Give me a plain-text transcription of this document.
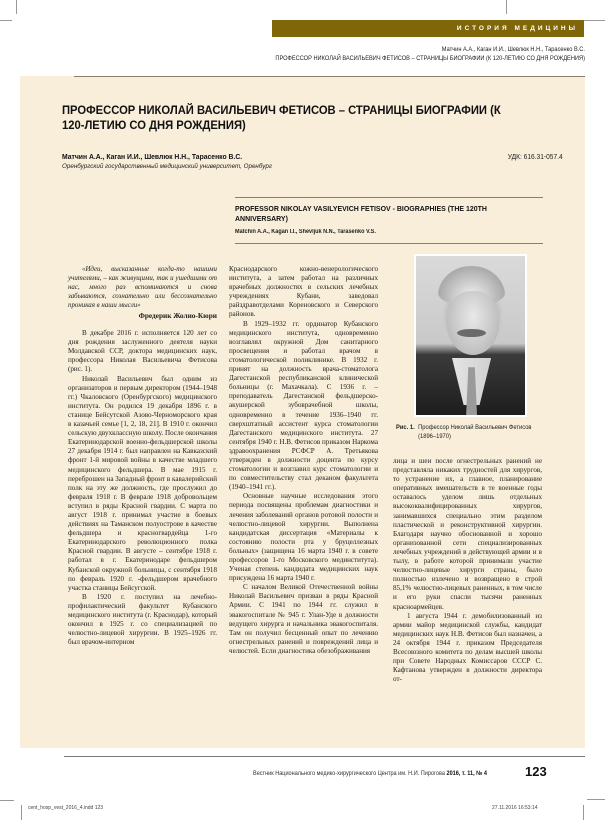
ИСТОРИЯ МЕДИЦИНЫ
Матчин А.А., Каган И.И., Шевлюк Н.Н., Тарасенко В.С.
ПРОФЕССОР НИКОЛАЙ ВАСИЛЬЕВИЧ ФЕТИСОВ – СТРАНИЦЫ БИОГРАФИИ (К 120-ЛЕТИЮ СО ДНЯ РОЖДЕНИЯ)
ПРОФЕССОР НИКОЛАЙ ВАСИЛЬЕВИЧ ФЕТИСОВ – СТРАНИЦЫ БИОГРАФИИ (К 120-ЛЕТИЮ СО ДНЯ РОЖДЕНИЯ)
Матчин А.А., Каган И.И., Шевлюк Н.Н., Тарасенко В.С.
Оренбургский государственный медицинский университет, Оренбург
УДК: 616.31-057.4
PROFESSOR NIKOLAY VASILYEVICH FETISOV - BIOGRAPHIES (THE 120TH ANNIVERSARY)
Matchin A.A., Kagan I.I., Shevljuk N.N., Tarasenko V.S.
«Идеи, высказанные когда-то нашими учителями, – как живущими, так и ушедшими от нас, много раз вспоминаются и снова забываются, сознательно или бессознательно проникая в наши мысли»
Фредерик Жолио-Кюри

В декабре 2016 г. исполняется 120 лет со дня рождения заслуженного деятеля науки Молдавской ССР, доктора медицинских наук, профессора Николая Васильевича Фетисова (рис. 1).

Николай Васильевич был одним из организаторов и первым директором (1944–1948 гг.) Чкаловского (Оренбургского) медицинского института. Он родился 19 декабря 1896 г. в станице Бейсутской Азово-Черноморского края в казачьей семье [1, 2, 18, 21]. В 1910 г. окончил сельскую двухклассную школу. После окончания Екатеринодарской военно-фельдшерской школы 27 декабря 1914 г. был направлен на Кавказский фронт 1-й мировой войны в качестве младшего медицинского фельдшера. В мае 1915 г. переброшен на Западный фронт в кавалерийский полк на эту же должность, где прослужил до февраля 1918 г. В феврале 1918 добровольцем вступил в ряды Красной гвардии. С марта по август 1918 г. принимал участие в боевых действиях на Таманском полуострове в качестве фельдшера и красногвардейца 1-го Екатеринодарского революционного полка Красной гвардии. В августе – сентябре 1918 г. работал в г. Екатеринодаре фельдшером Кубанской окружной больницы, с сентября 1918 по февраль 1920 г. -фельдшером врачебного участка станицы Бейсугской.

В 1920 г. поступил на лечебно-профилактический факультет Кубанского медицинского института (г. Краснодар), который окончил в 1925 г. со специализацией по челюстно-лицевой хирургии. В 1925–1926 гг. был врачом-интерном

Краснодарского кожно-венерологического института, а затем работал на различных врачебных должностях в сельских лечебных учреждениях Кубани, заведовал райздравотделами Кореновского и Северского районов.

В 1929–1932 гг. ординатор Кубанского медицинского института, одновременно возглавлял окружной Дом санитарного просвещения и работал врачом в стоматологической поликлинике. В 1932 г. принят на должность врача-стоматолога Дагестанской республиканской клинической больницы (г. Махачкала). С 1936 г. – преподаватель Дагестанской фельдшерско-акушерской зубоврачебной школы, одновременно в течение 1936–1940 гг. сверхштатный ассистент курса стоматологии Дагестанского медицинского института. 27 сентября 1940 г. Н.В. Фетисов приказом Наркома здравоохранения РСФСР А. Третьякова утвержден в должности доцента по курсу стоматологии и возглавил курс стоматологии и по совместительству стал деканом факультета (1940–1941 гг.).

Основные научные исследования этого периода посвящены проблемам диагностики и лечения заболеваний органов ротовой полости и челюстно-лицевой хирургии. Выполнена кандидатская диссертация «Материалы к состоянию полости рта у бруцеллезных больных» (защищена 16 марта 1940 г. в совете профессоров 1-го Московского мединститута). Ученая степень кандидата медицинских наук присуждена 16 марта 1940 г.

С началом Великой Отечественной войны Николай Васильевич призван в ряды Красной Армии. С 1941 по 1944 гг. служил в эвакогоспитале № 945 г. Улан-Уде в должности ведущего хирурга и начальника эвакогоспиталя. Там он получил бесценный опыт по лечению огнестрельных ранений и повреждений лица и челюстей. Если диагностика обезображивания

Рис. 1. Профессор Николай Васильевич Фетисов (1896–1970)

лица и шеи после огнестрельных ранений не представляла никаких трудностей для хирургов, то устранение их, а главное, планирование оперативных вмешательств в те военные годы оставалось уделом лишь отдельных высококвалифицированных хирургов, занимавшихся специально этим разделом пластической и реконструктивной хирургии. Благодаря научно обоснованной и хорошо организованной сети специализированных лечебных учреждений в действующей армии и в тылу, в работе которой принимали участие челюстно-лицевые хирурги страны, было полностью излечено и возвращено в строй 85,1% челюстно-лицевых раненных, в том числе и его руки спасли тысячи раненных красноармейцев.

1 августа 1944 г. демобилизованный из армии майор медицинской службы, кандидат медицинских наук Н.В. Фетисов был назначен, а 24 октября 1944 г. приказом Председателя Всесоюзного комитета по делам высшей школы при Совете Народных Комиссаров СССР С. Кафтанова утвержден в должности директора от-

Вестник Национального медико-хирургического Центра им. Н.И. Пирогова 2016, т. 11, № 4	123
cent_hosp_vest_2016_4.indd 123	27.11.2016 16:53:14
